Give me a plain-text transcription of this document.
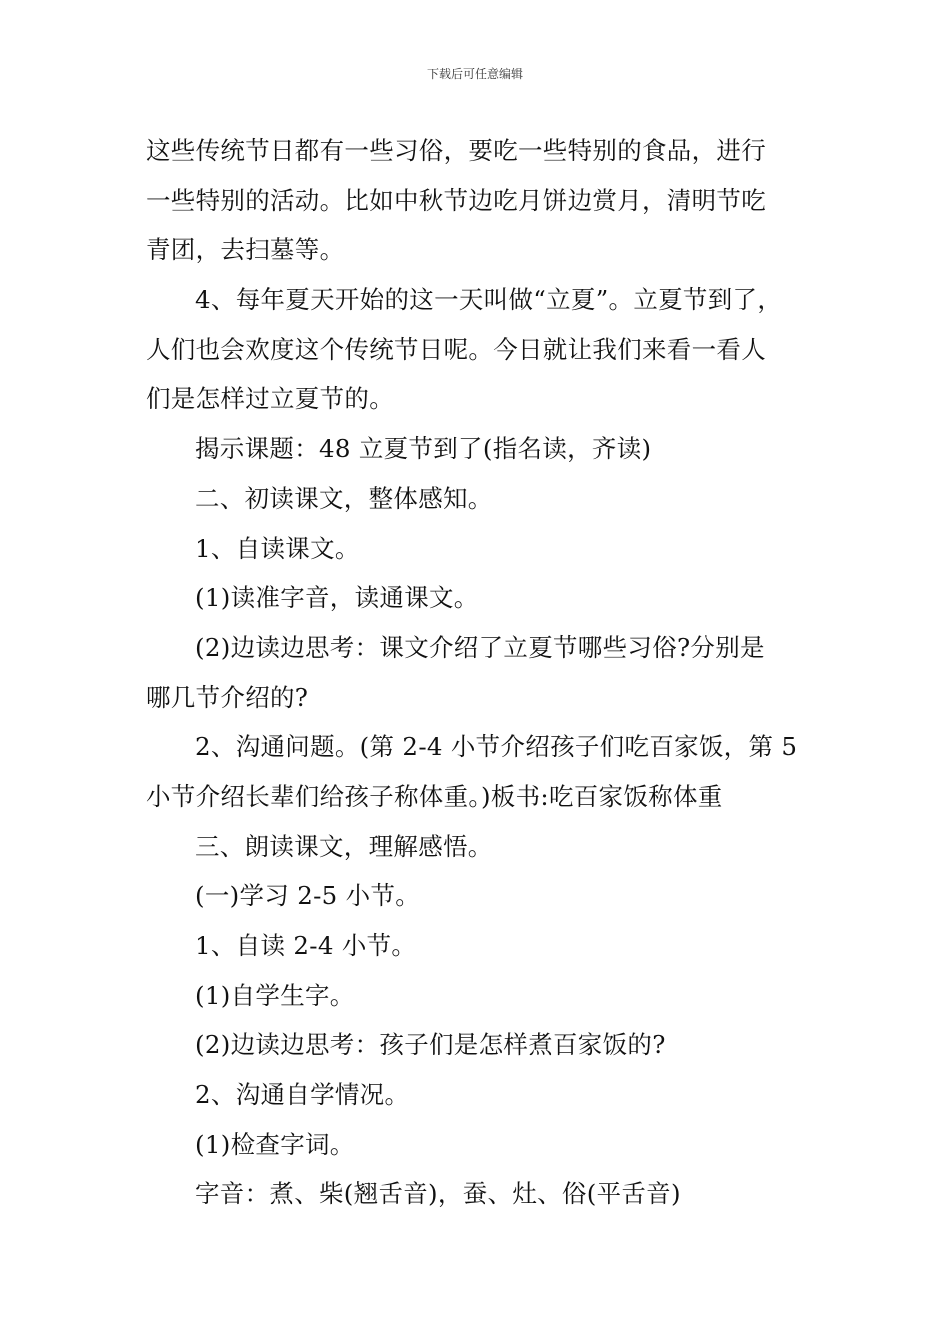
下载后可任意编辑
这些传统节日都有一些习俗，要吃一些特别的食品，进行
一些特别的活动。比如中秋节边吃月饼边赏月，清明节吃
青团，去扫墓等。
4、每年夏天开始的这一天叫做“立夏”。立夏节到了，
人们也会欢度这个传统节日呢。今日就让我们来看一看人
们是怎样过立夏节的。
揭示课题：48 立夏节到了(指名读，齐读)
二、初读课文，整体感知。
1、自读课文。
(1)读准字音，读通课文。
(2)边读边思考：课文介绍了立夏节哪些习俗?分别是
哪几节介绍的?
2、沟通问题。(第 2-4 小节介绍孩子们吃百家饭，第 5
小节介绍长辈们给孩子称体重。)板书:吃百家饭称体重
三、朗读课文，理解感悟。
(一)学习 2-5 小节。
1、自读 2-4 小节。
(1)自学生字。
(2)边读边思考：孩子们是怎样煮百家饭的?
2、沟通自学情况。
(1)检查字词。
字音：煮、柴(翘舌音)，蚕、灶、俗(平舌音)
